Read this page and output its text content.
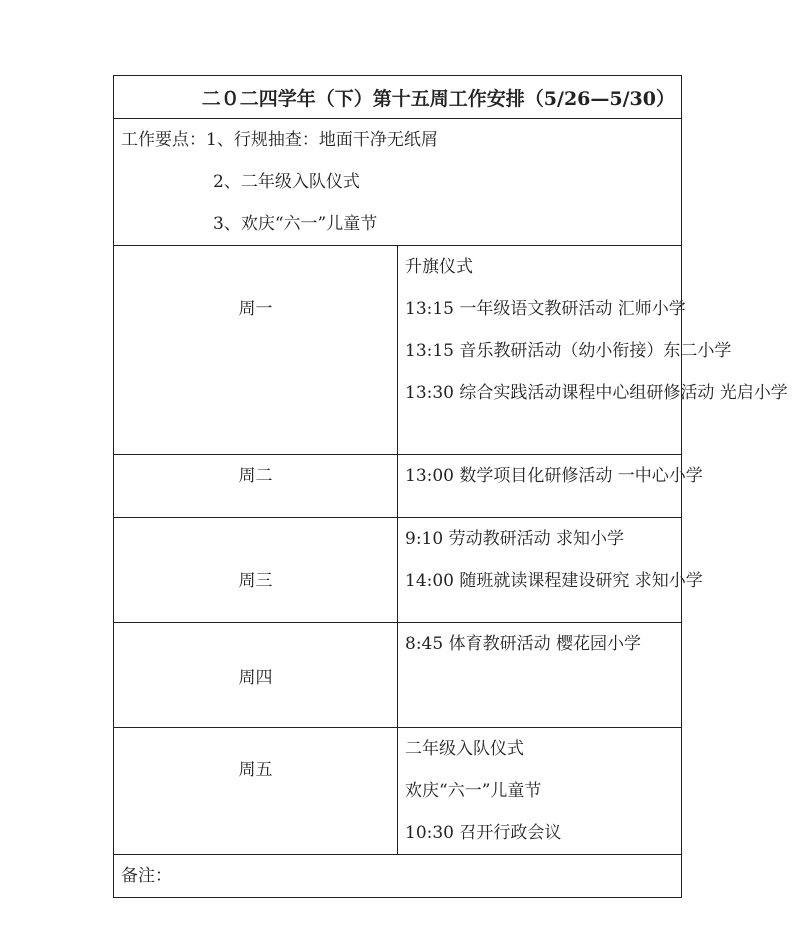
二０二四学年（下）第十五周工作安排（5/26—5/30）	

工作要点：1、行规抽查：地面干净无纸屑
2、二年级入队仪式
3、欢庆“六一”儿童节	

周一	升旗仪式
13:15 一年级语文教研活动 汇师小学
13:15 音乐教研活动（幼小衔接）东二小学
13:30 综合实践活动课程中心组研修活动 光启小学

周二	13:00 数学项目化研修活动 一中心小学

周三	9:10 劳动教研活动 求知小学
14:00 随班就读课程建设研究 求知小学

周四	8:45 体育教研活动 樱花园小学

周五	二年级入队仪式
欢庆“六一”儿童节
10:30 召开行政会议

备注：	
